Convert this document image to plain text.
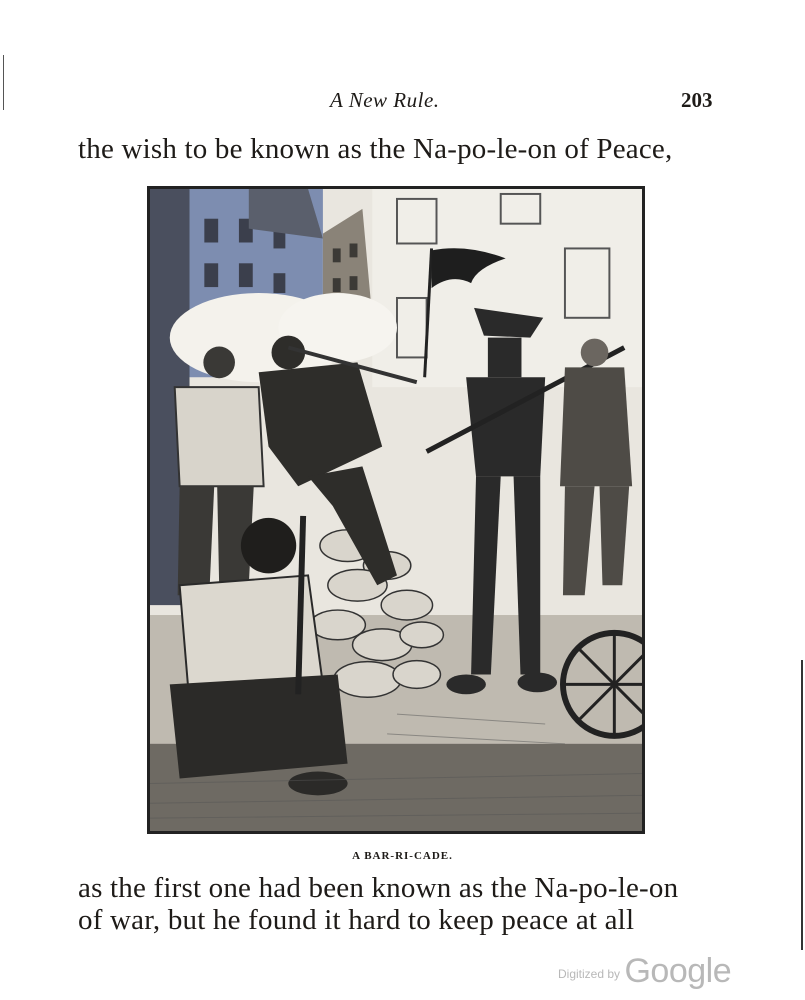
A New Rule.	203
the wish to be known as the Na-po-le-on of Peace,
A BAR-RI-CADE.
as the first one had been known as the Na-po-le-on
of war, but he found it hard to keep peace at all
Digitized by Google
